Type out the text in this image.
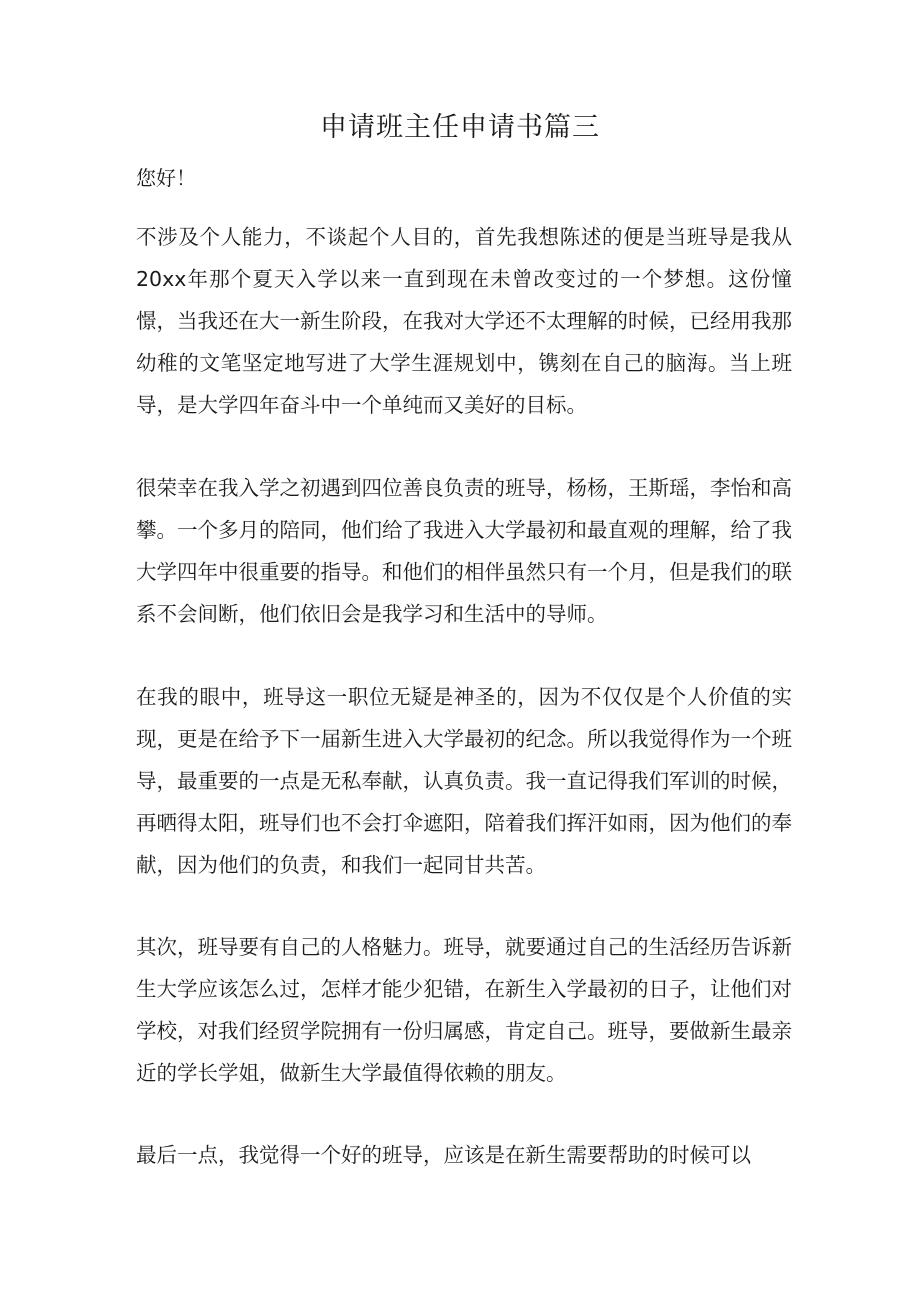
申请班主任申请书篇三

您好！

不涉及个人能力，不谈起个人目的，首先我想陈述的便是当班导是我从20xx年那个夏天入学以来一直到现在未曾改变过的一个梦想。这份憧憬，当我还在大一新生阶段，在我对大学还不太理解的时候，已经用我那幼稚的文笔坚定地写进了大学生涯规划中，镌刻在自己的脑海。当上班导，是大学四年奋斗中一个单纯而又美好的目标。

很荣幸在我入学之初遇到四位善良负责的班导，杨杨，王斯瑶，李怡和高攀。一个多月的陪同，他们给了我进入大学最初和最直观的理解，给了我大学四年中很重要的指导。和他们的相伴虽然只有一个月，但是我们的联系不会间断，他们依旧会是我学习和生活中的导师。

在我的眼中，班导这一职位无疑是神圣的，因为不仅仅是个人价值的实现，更是在给予下一届新生进入大学最初的纪念。所以我觉得作为一个班导，最重要的一点是无私奉献，认真负责。我一直记得我们军训的时候，再晒得太阳，班导们也不会打伞遮阳，陪着我们挥汗如雨，因为他们的奉献，因为他们的负责，和我们一起同甘共苦。

其次，班导要有自己的人格魅力。班导，就要通过自己的生活经历告诉新生大学应该怎么过，怎样才能少犯错，在新生入学最初的日子，让他们对学校，对我们经贸学院拥有一份归属感，肯定自己。班导，要做新生最亲近的学长学姐，做新生大学最值得依赖的朋友。

最后一点，我觉得一个好的班导，应该是在新生需要帮助的时候可以
